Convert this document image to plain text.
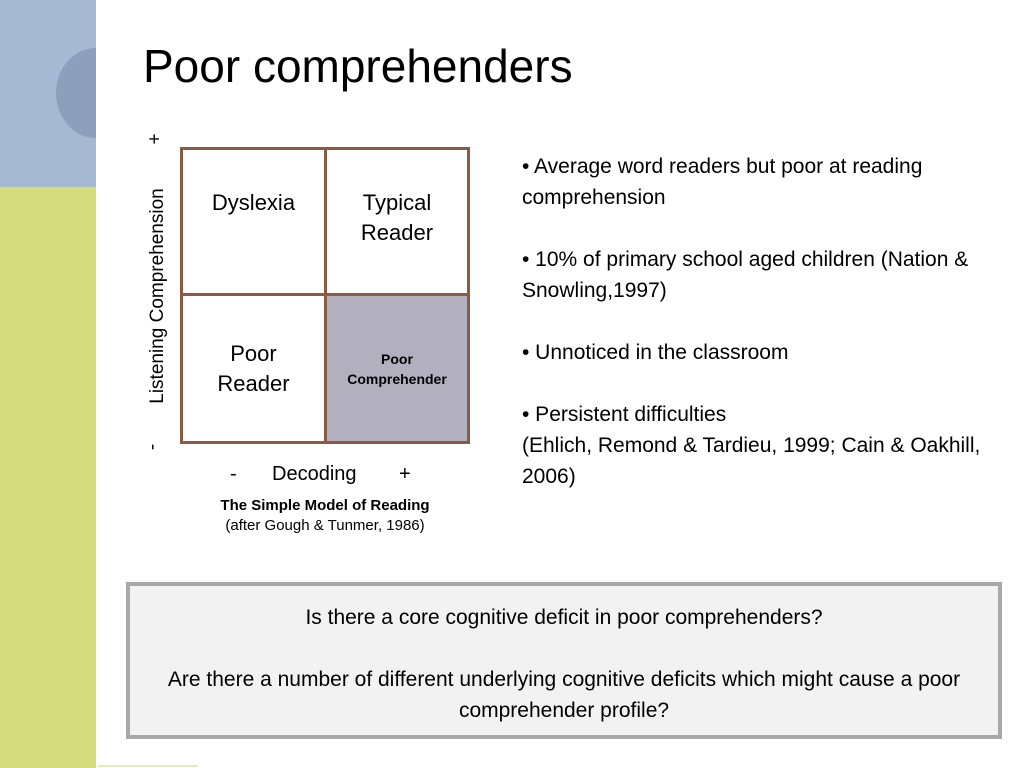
Poor comprehenders
+
Listening Comprehension
-
Dyslexia	Typical Reader
Poor Reader
Poor Comprehender
- Decoding +
The Simple Model of Reading
(after Gough & Tunmer, 1986)
• Average word readers but poor at reading comprehension
• 10% of primary school aged children (Nation & Snowling,1997)
• Unnoticed in the classroom
• Persistent difficulties
(Ehlich, Remond & Tardieu, 1999; Cain & Oakhill, 2006)

Is there a core cognitive deficit in poor comprehenders?

Are there a number of different underlying cognitive deficits which might cause a poor comprehender profile?
